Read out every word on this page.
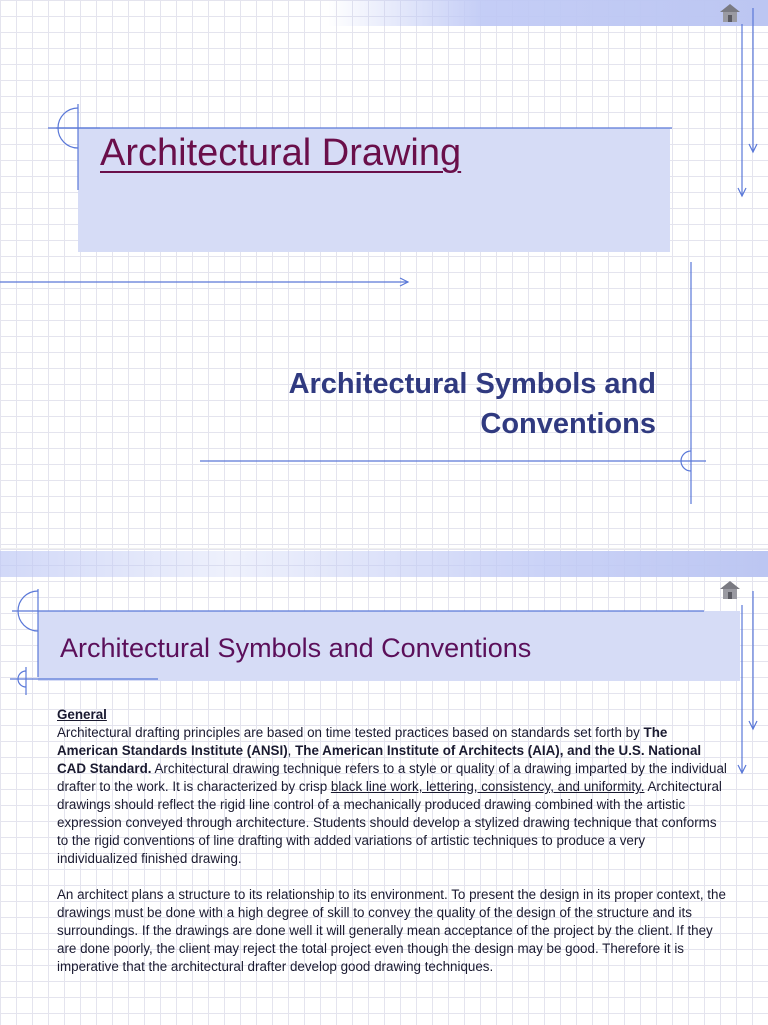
Architectural Drawing
Architectural Symbols and
Conventions
Architectural Symbols and Conventions
General

Architectural drafting principles are based on time tested practices based on standards set forth by The American Standards Institute (ANSI), The American Institute of Architects (AIA), and the U.S. National CAD Standard. Architectural drawing technique refers to a style or quality of a drawing imparted by the individual drafter to the work. It is characterized by crisp black line work, lettering, consistency, and uniformity. Architectural drawings should reflect the rigid line control of a mechanically produced drawing combined with the artistic expression conveyed through architecture. Students should develop a stylized drawing technique that conforms to the rigid conventions of line drafting with added variations of artistic techniques to produce a very individualized finished drawing.

An architect plans a structure to its relationship to its environment. To present the design in its proper context, the drawings must be done with a high degree of skill to convey the quality of the design of the structure and its surroundings. If the drawings are done well it will generally mean acceptance of the project by the client. If they are done poorly, the client may reject the total project even though the design may be good. Therefore it is imperative that the architectural drafter develop good drawing techniques.
